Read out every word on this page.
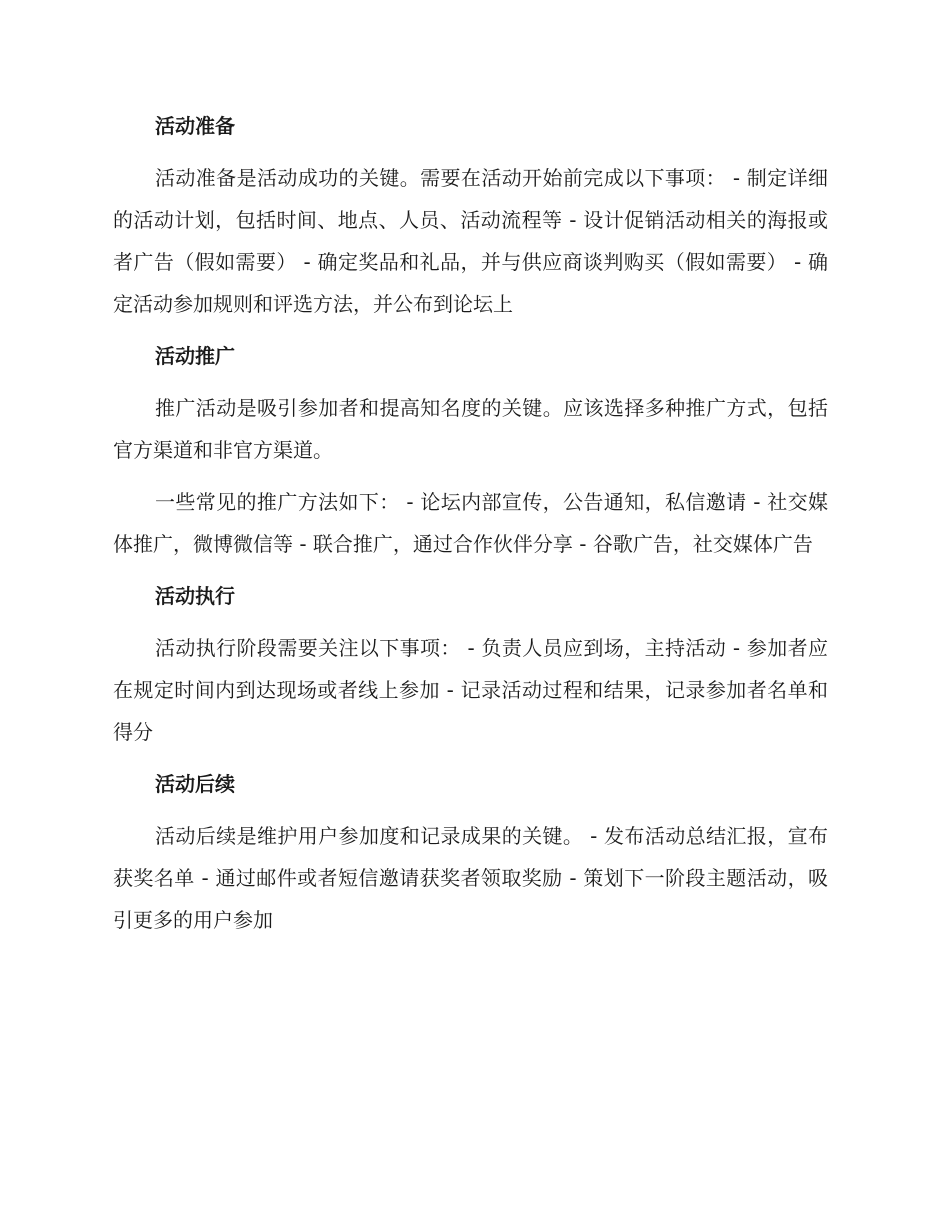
活动准备

活动准备是活动成功的关键。需要在活动开始前完成以下事项： - 制定详细的活动计划，包括时间、地点、人员、活动流程等 - 设计促销活动相关的海报或者广告（假如需要） - 确定奖品和礼品，并与供应商谈判购买（假如需要） - 确定活动参加规则和评选方法，并公布到论坛上

活动推广

推广活动是吸引参加者和提高知名度的关键。应该选择多种推广方式，包括官方渠道和非官方渠道。

一些常见的推广方法如下： - 论坛内部宣传，公告通知，私信邀请 - 社交媒体推广，微博微信等 - 联合推广，通过合作伙伴分享 - 谷歌广告，社交媒体广告

活动执行

活动执行阶段需要关注以下事项： - 负责人员应到场，主持活动 - 参加者应在规定时间内到达现场或者线上参加 - 记录活动过程和结果，记录参加者名单和得分

活动后续

活动后续是维护用户参加度和记录成果的关键。 - 发布活动总结汇报，宣布获奖名单 - 通过邮件或者短信邀请获奖者领取奖励 - 策划下一阶段主题活动，吸引更多的用户参加
